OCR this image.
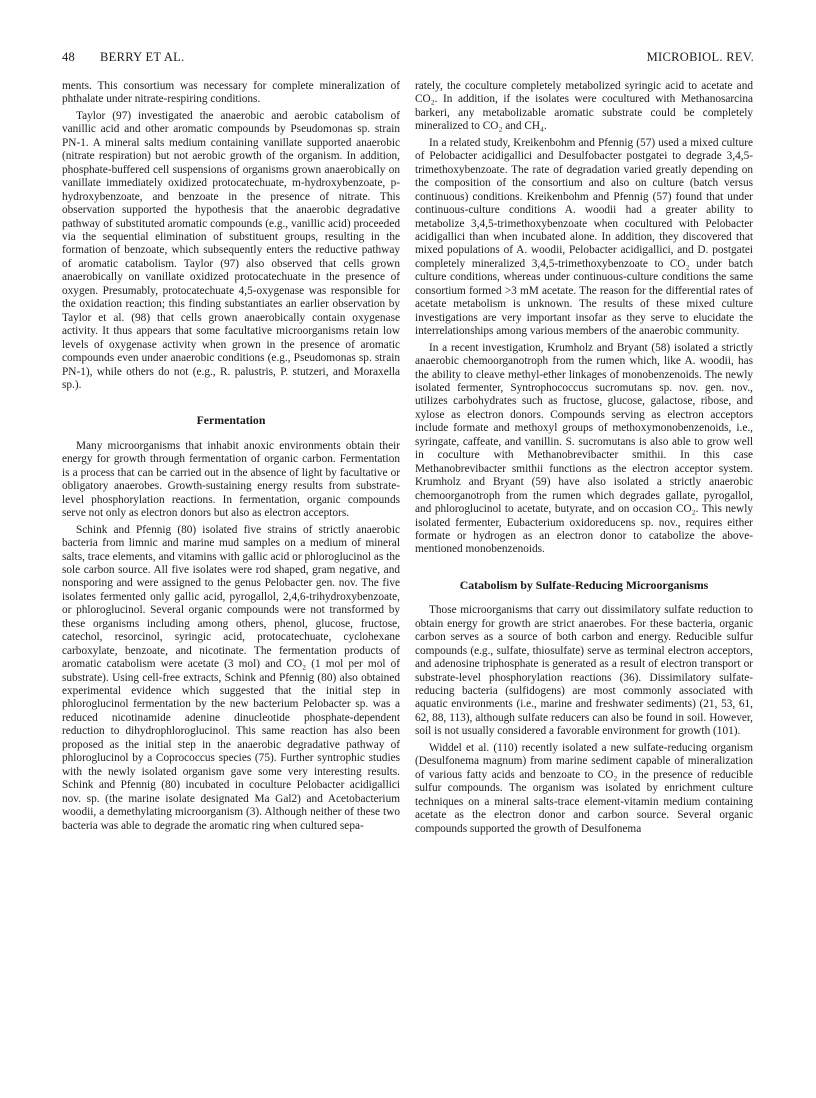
48 BERRY ET AL.	MICROBIOL. REV.

ments. This consortium was necessary for complete mineralization of phthalate under nitrate-respiring conditions.

Taylor (97) investigated the anaerobic and aerobic catabolism of vanillic acid and other aromatic compounds by Pseudomonas sp. strain PN-1. A mineral salts medium containing vanillate supported anaerobic (nitrate respiration) but not aerobic growth of the organism. In addition, phosphate-buffered cell suspensions of organisms grown anaerobically on vanillate immediately oxidized protocatechuate, m-hydroxybenzoate, p-hydroxybenzoate, and benzoate in the presence of nitrate. This observation supported the hypothesis that the anaerobic degradative pathway of substituted aromatic compounds (e.g., vanillic acid) proceeded via the sequential elimination of substituent groups, resulting in the formation of benzoate, which subsequently enters the reductive pathway of aromatic catabolism. Taylor (97) also observed that cells grown anaerobically on vanillate oxidized protocatechuate in the presence of oxygen. Presumably, protocatechuate 4,5-oxygenase was responsible for the oxidation reaction; this finding substantiates an earlier observation by Taylor et al. (98) that cells grown anaerobically contain oxygenase activity. It thus appears that some facultative microorganisms retain low levels of oxygenase activity when grown in the presence of aromatic compounds even under anaerobic conditions (e.g., Pseudomonas sp. strain PN-1), while others do not (e.g., R. palustris, P. stutzeri, and Moraxella sp.).

Fermentation

Many microorganisms that inhabit anoxic environments obtain their energy for growth through fermentation of organic carbon. Fermentation is a process that can be carried out in the absence of light by facultative or obligatory anaerobes. Growth-sustaining energy results from substrate-level phosphorylation reactions. In fermentation, organic compounds serve not only as electron donors but also as electron acceptors.

Schink and Pfennig (80) isolated five strains of strictly anaerobic bacteria from limnic and marine mud samples on a medium of mineral salts, trace elements, and vitamins with gallic acid or phloroglucinol as the sole carbon source. All five isolates were rod shaped, gram negative, and nonsporing and were assigned to the genus Pelobacter gen. nov. The five isolates fermented only gallic acid, pyrogallol, 2,4,6-trihydroxybenzoate, or phloroglucinol. Several organic compounds were not transformed by these organisms including among others, phenol, glucose, fructose, catechol, resorcinol, syringic acid, protocatechuate, cyclohexane carboxylate, benzoate, and nicotinate. The fermentation products of aromatic catabolism were acetate (3 mol) and CO₂ (1 mol per mol of substrate). Using cell-free extracts, Schink and Pfennig (80) also obtained experimental evidence which suggested that the initial step in phloroglucinol fermentation by the new bacterium Pelobacter sp. was a reduced nicotinamide adenine dinucleotide phosphate-dependent reduction to dihydrophloroglucinol. This same reaction has also been proposed as the initial step in the anaerobic degradative pathway of phloroglucinol by a Coprococcus species (75). Further syntrophic studies with the newly isolated organism gave some very interesting results. Schink and Pfennig (80) incubated in coculture Pelobacter acidigallici nov. sp. (the marine isolate designated Ma Gal2) and Acetobacterium woodii, a demethylating microorganism (3). Although neither of these two bacteria was able to degrade the aromatic ring when cultured sepa-

rately, the coculture completely metabolized syringic acid to acetate and CO₂. In addition, if the isolates were cocultured with Methanosarcina barkeri, any metabolizable aromatic substrate could be completely mineralized to CO₂ and CH₄.

In a related study, Kreikenbohm and Pfennig (57) used a mixed culture of Pelobacter acidigallici and Desulfobacter postgatei to degrade 3,4,5-trimethoxybenzoate. The rate of degradation varied greatly depending on the composition of the consortium and also on culture (batch versus continuous) conditions. Kreikenbohm and Pfennig (57) found that under continuous-culture conditions A. woodii had a greater ability to metabolize 3,4,5-trimethoxybenzoate when cocultured with Pelobacter acidigallici than when incubated alone. In addition, they discovered that mixed populations of A. woodii, Pelobacter acidigallici, and D. postgatei completely mineralized 3,4,5-trimethoxybenzoate to CO₂ under batch culture conditions, whereas under continuous-culture conditions the same consortium formed >3 mM acetate. The reason for the differential rates of acetate metabolism is unknown. The results of these mixed culture investigations are very important insofar as they serve to elucidate the interrelationships among various members of the anaerobic community.

In a recent investigation, Krumholz and Bryant (58) isolated a strictly anaerobic chemoorganotroph from the rumen which, like A. woodii, has the ability to cleave methyl-ether linkages of monobenzenoids. The newly isolated fermenter, Syntrophococcus sucromutans sp. nov. gen. nov., utilizes carbohydrates such as fructose, glucose, galactose, ribose, and xylose as electron donors. Compounds serving as electron acceptors include formate and methoxyl groups of methoxymonobenzenoids, i.e., syringate, caffeate, and vanillin. S. sucromutans is also able to grow well in coculture with Methanobrevibacter smithii. In this case Methanobrevibacter smithii functions as the electron acceptor system. Krumholz and Bryant (59) have also isolated a strictly anaerobic chemoorganotroph from the rumen which degrades gallate, pyrogallol, and phloroglucinol to acetate, butyrate, and on occasion CO₂. This newly isolated fermenter, Eubacterium oxidoreducens sp. nov., requires either formate or hydrogen as an electron donor to catabolize the above-mentioned monobenzenoids.

Catabolism by Sulfate-Reducing Microorganisms

Those microorganisms that carry out dissimilatory sulfate reduction to obtain energy for growth are strict anaerobes. For these bacteria, organic carbon serves as a source of both carbon and energy. Reducible sulfur compounds (e.g., sulfate, thiosulfate) serve as terminal electron acceptors, and adenosine triphosphate is generated as a result of electron transport or substrate-level phosphorylation reactions (36). Dissimilatory sulfate-reducing bacteria (sulfidogens) are most commonly associated with aquatic environments (i.e., marine and freshwater sediments) (21, 53, 61, 62, 88, 113), although sulfate reducers can also be found in soil. However, soil is not usually considered a favorable environment for growth (101).

Widdel et al. (110) recently isolated a new sulfate-reducing organism (Desulfonema magnum) from marine sediment capable of mineralization of various fatty acids and benzoate to CO₂ in the presence of reducible sulfur compounds. The organism was isolated by enrichment culture techniques on a mineral salts-trace element-vitamin medium containing acetate as the electron donor and carbon source. Several organic compounds supported the growth of Desulfonema
